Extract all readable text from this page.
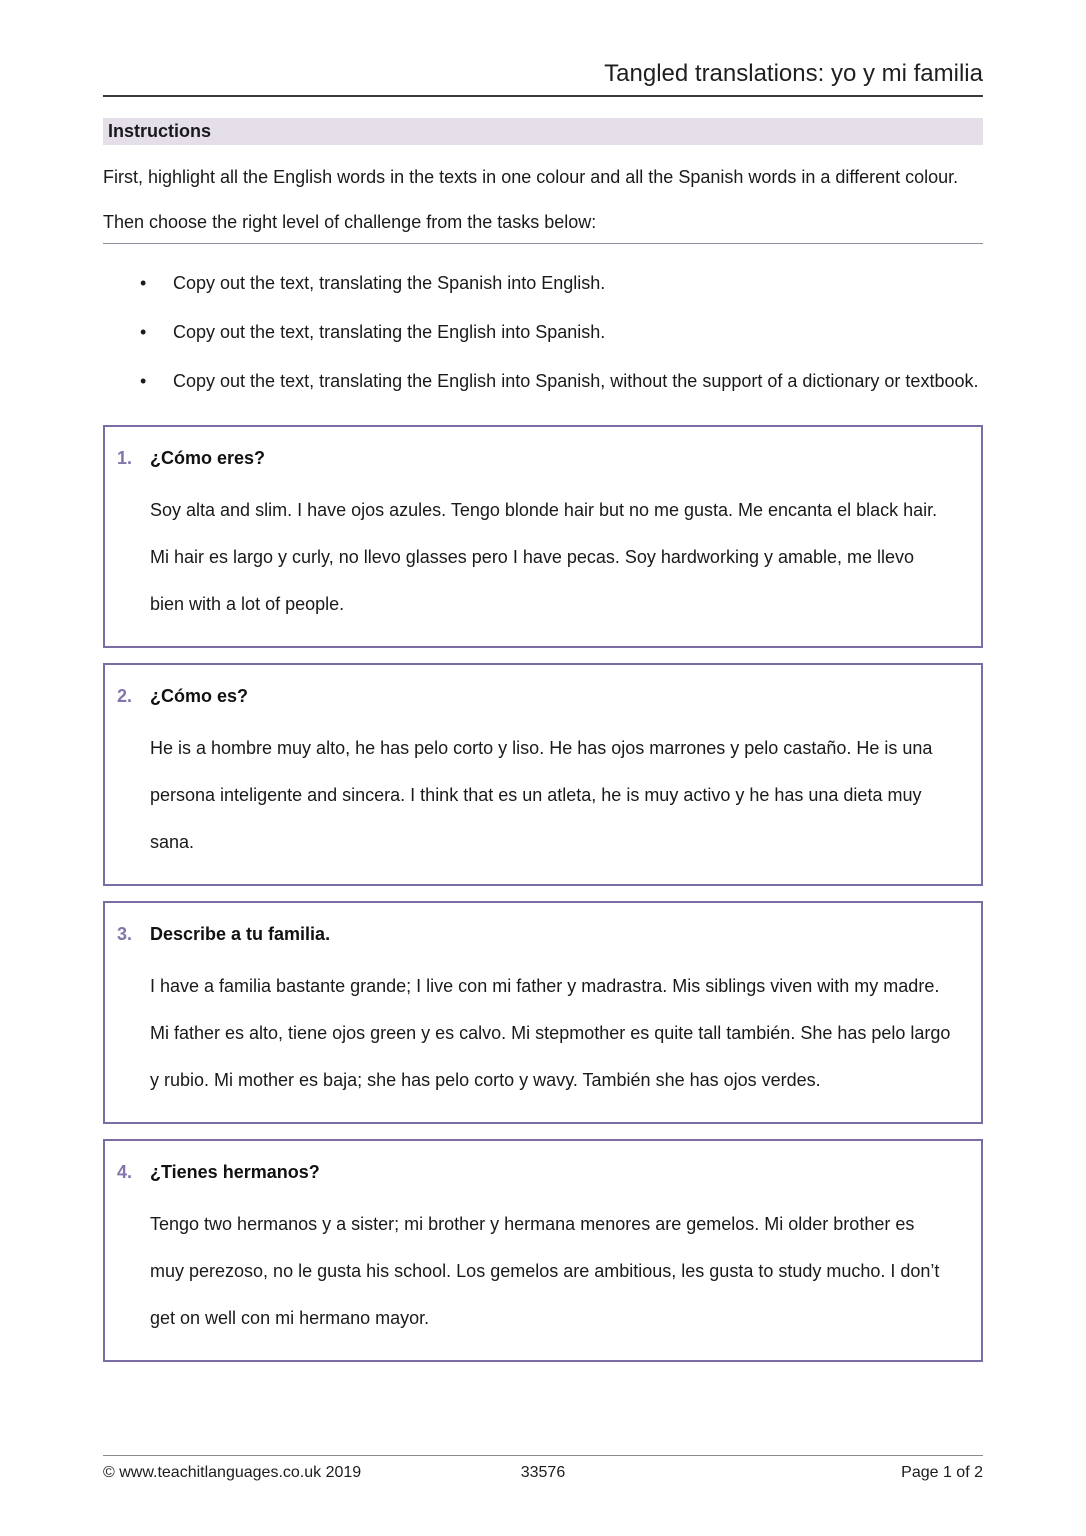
Tangled translations: yo y mi familia
Instructions

First, highlight all the English words in the texts in one colour and all the Spanish words in a different colour.

Then choose the right level of challenge from the tasks below:

•
Copy out the text, translating the Spanish into English.
•
Copy out the text, translating the English into Spanish.
•
Copy out the text, translating the English into Spanish, without the support of a dictionary or textbook.
1. ¿Cómo eres?

Soy alta and slim. I have ojos azules. Tengo blonde hair but no me gusta. Me encanta el black hair. Mi hair es largo y curly, no llevo glasses pero I have pecas. Soy hardworking y amable, me llevo bien with a lot of people.

2. ¿Cómo es?

He is a hombre muy alto, he has pelo corto y liso. He has ojos marrones y pelo castaño. He is una persona inteligente and sincera. I think that es un atleta, he is muy activo y he has una dieta muy sana.

3. Describe a tu familia.

I have a familia bastante grande; I live con mi father y madrastra. Mis siblings viven with my madre. Mi father es alto, tiene ojos green y es calvo. Mi stepmother es quite tall también. She has pelo largo y rubio. Mi mother es baja; she has pelo corto y wavy. También she has ojos verdes.

4. ¿Tienes hermanos?

Tengo two hermanos y a sister; mi brother y hermana menores are gemelos. Mi older brother es muy perezoso, no le gusta his school. Los gemelos are ambitious, les gusta to study mucho. I don’t get on well con mi hermano mayor.

© www.teachitlanguages.co.uk 2019	33576	Page 1 of 2
